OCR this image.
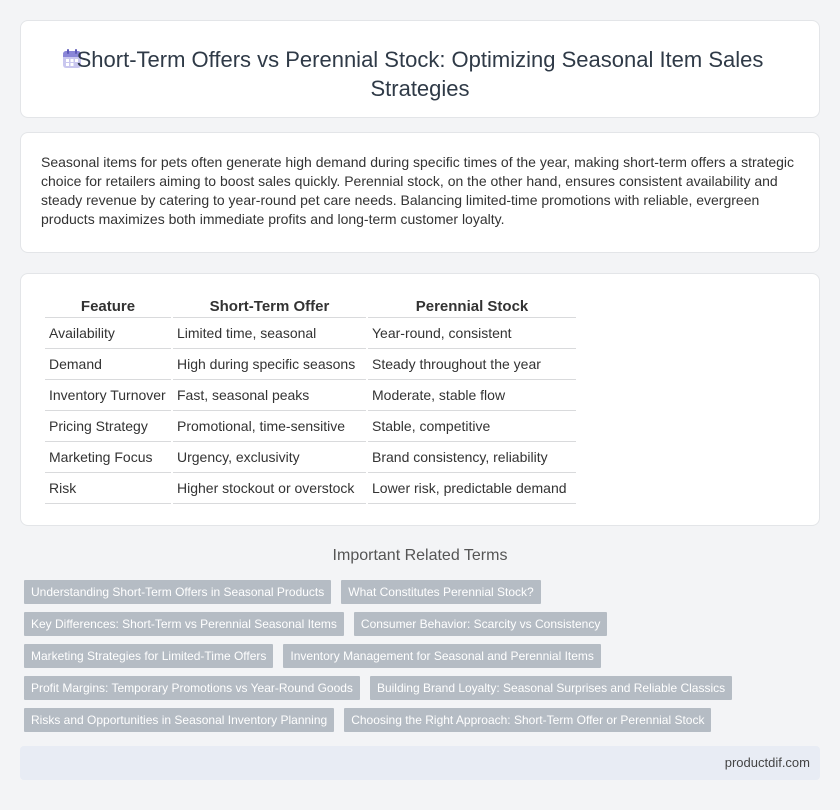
Short-Term Offers vs Perennial Stock: Optimizing Seasonal Item Sales Strategies

Seasonal items for pets often generate high demand during specific times of the year, making short-term offers a strategic choice for retailers aiming to boost sales quickly. Perennial stock, on the other hand, ensures consistent availability and steady revenue by catering to year-round pet care needs. Balancing limited-time promotions with reliable, evergreen products maximizes both immediate profits and long-term customer loyalty.

Feature	Short-Term Offer	Perennial Stock
Availability	Limited time, seasonal	Year-round, consistent
Demand	High during specific seasons	Steady throughout the year
Inventory Turnover	Fast, seasonal peaks	Moderate, stable flow
Pricing Strategy	Promotional, time-sensitive	Stable, competitive
Marketing Focus	Urgency, exclusivity	Brand consistency, reliability
Risk	Higher stockout or overstock	Lower risk, predictable demand
Important Related Terms
Understanding Short-Term Offers in Seasonal Products What Constitutes Perennial Stock?
Key Differences: Short-Term vs Perennial Seasonal Items Consumer Behavior: Scarcity vs Consistency
Marketing Strategies for Limited-Time Offers Inventory Management for Seasonal and Perennial Items
Profit Margins: Temporary Promotions vs Year-Round Goods Building Brand Loyalty: Seasonal Surprises and Reliable Classics
Risks and Opportunities in Seasonal Inventory Planning Choosing the Right Approach: Short-Term Offer or Perennial Stock
productdif.com
